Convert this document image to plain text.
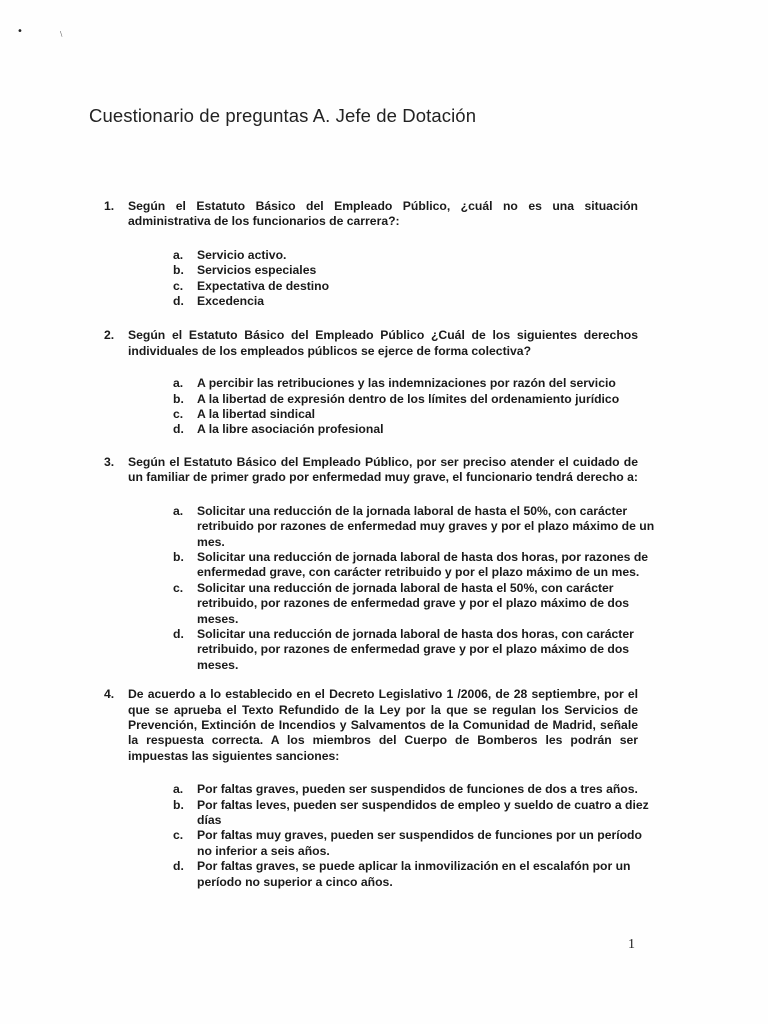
•	\
Cuestionario de preguntas A. Jefe de Dotación
1. Según el Estatuto Básico del Empleado Público, ¿cuál no es una situación administrativa de los funcionarios de carrera?:

a. Servicio activo.

b. Servicios especiales

c. Expectativa de destino

d. Excedencia

2. Según el Estatuto Básico del Empleado Público ¿Cuál de los siguientes derechos individuales de los empleados públicos se ejerce de forma colectiva?

a. A percibir las retribuciones y las indemnizaciones por razón del servicio

b. A la libertad de expresión dentro de los límites del ordenamiento jurídico

c. A la libertad sindical

d. A la libre asociación profesional

3. Según el Estatuto Básico del Empleado Público, por ser preciso atender el cuidado de un familiar de primer grado por enfermedad muy grave, el funcionario tendrá derecho a:

a. Solicitar una reducción de la jornada laboral de hasta el 50%, con carácter retribuido por razones de enfermedad muy graves y por el plazo máximo de un mes.

b. Solicitar una reducción de jornada laboral de hasta dos horas, por razones de enfermedad grave, con carácter retribuido y por el plazo máximo de un mes.

c. Solicitar una reducción de jornada laboral de hasta el 50%, con carácter retribuido, por razones de enfermedad grave y por el plazo máximo de dos meses.

d. Solicitar una reducción de jornada laboral de hasta dos horas, con carácter retribuido, por razones de enfermedad grave y por el plazo máximo de dos meses.

4. De acuerdo a lo establecido en el Decreto Legislativo 1 /2006, de 28 septiembre, por el que se aprueba el Texto Refundido de la Ley por la que se regulan los Servicios de Prevención, Extinción de Incendios y Salvamentos de la Comunidad de Madrid, señale la respuesta correcta. A los miembros del Cuerpo de Bomberos les podrán ser impuestas las siguientes sanciones:

a. Por faltas graves, pueden ser suspendidos de funciones de dos a tres años.

b. Por faltas leves, pueden ser suspendidos de empleo y sueldo de cuatro a diez días

c. Por faltas muy graves, pueden ser suspendidos de funciones por un período no inferior a seis años.

d. Por faltas graves, se puede aplicar la inmovilización en el escalafón por un período no superior a cinco años.

1
